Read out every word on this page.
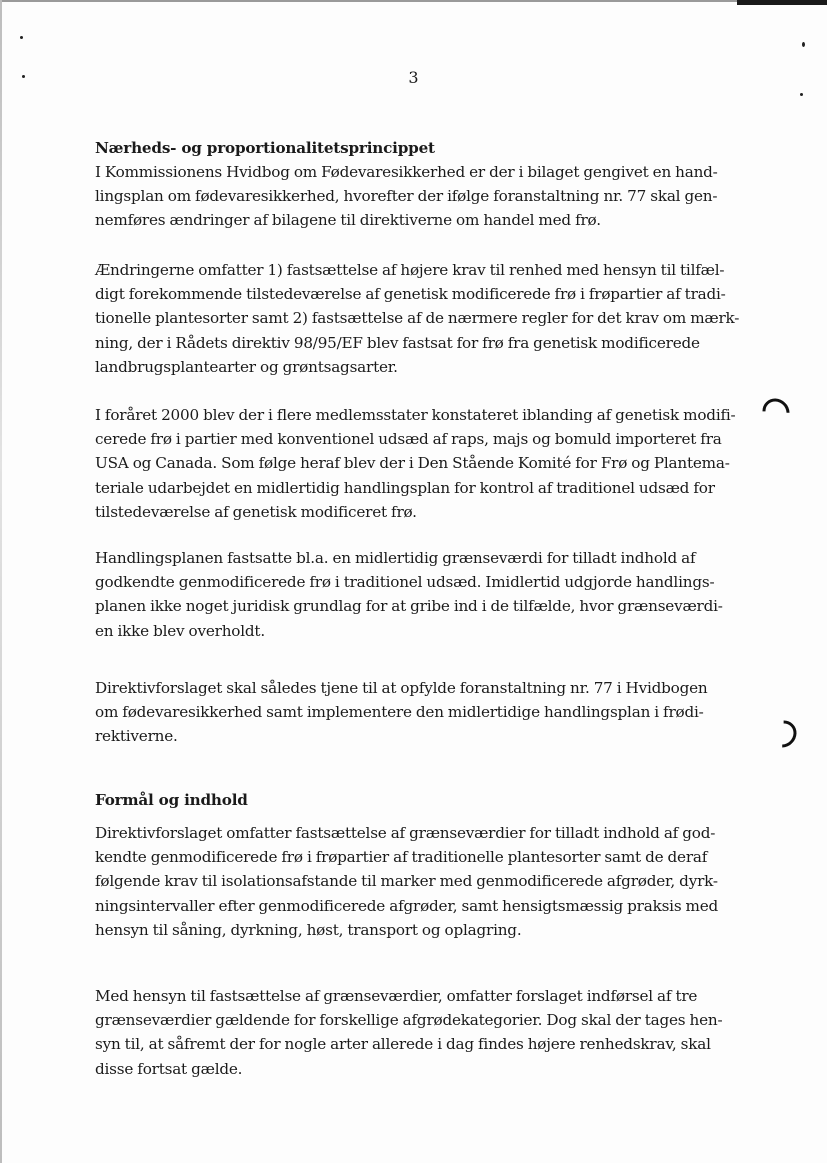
3
Nærheds- og proportionalitetsprincippet
I Kommissionens Hvidbog om Fødevaresikkerhed er der i bilaget gengivet en hand-
lingsplan om fødevaresikkerhed, hvorefter der ifølge foranstaltning nr. 77 skal gen-
nemføres ændringer af bilagene til direktiverne om handel med frø.
Ændringerne omfatter 1) fastsættelse af højere krav til renhed med hensyn til tilfæl-
digt forekommende tilstedeværelse af genetisk modificerede frø i frøpartier af tradi-
tionelle plantesorter samt 2) fastsættelse af de nærmere regler for det krav om mærk-
ning, der i Rådets direktiv 98/95/EF blev fastsat for frø fra genetisk modificerede
landbrugsplantearter og grøntsagsarter.
I foråret 2000 blev der i flere medlemsstater konstateret iblanding af genetisk modifi-
cerede frø i partier med konventionel udsæd af raps, majs og bomuld importeret fra
USA og Canada. Som følge heraf blev der i Den Stående Komité for Frø og Plantema-
teriale udarbejdet en midlertidig handlingsplan for kontrol af traditionel udsæd for
tilstedeværelse af genetisk modificeret frø.
Handlingsplanen fastsatte bl.a. en midlertidig grænseværdi for tilladt indhold af
godkendte genmodificerede frø i traditionel udsæd. Imidlertid udgjorde handlings-
planen ikke noget juridisk grundlag for at gribe ind i de tilfælde, hvor grænseværdi-
en ikke blev overholdt.
Direktivforslaget skal således tjene til at opfylde foranstaltning nr. 77 i Hvidbogen
om fødevaresikkerhed samt implementere den midlertidige handlingsplan i frødi-
rektiverne.
Formål og indhold
Direktivforslaget omfatter fastsættelse af grænseværdier for tilladt indhold af god-
kendte genmodificerede frø i frøpartier af traditionelle plantesorter samt de deraf
følgende krav til isolationsafstande til marker med genmodificerede afgrøder, dyrk-
ningsintervaller efter genmodificerede afgrøder, samt hensigtsmæssig praksis med
hensyn til såning, dyrkning, høst, transport og oplagring.
Med hensyn til fastsættelse af grænseværdier, omfatter forslaget indførsel af tre
grænseværdier gældende for forskellige afgrødekategorier. Dog skal der tages hen-
syn til, at såfremt der for nogle arter allerede i dag findes højere renhedskrav, skal
disse fortsat gælde.
